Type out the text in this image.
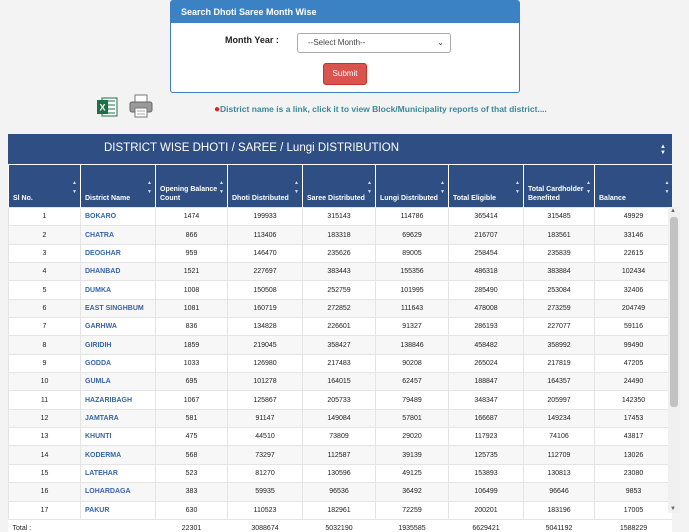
Search Dhoti Saree Month Wise
Month Year :	--Select Month--	⌄
Submit
X	●District name is a link, click it to view Block/Municipality reports of that district....
DISTRICT WISE DHOTI / SAREE / Lungi DISTRIBUTION	▲
▼
Sl No.
▲
▼	District Name
▲
▼	Opening Balance Count
▲
▼	Dhoti Distributed
▲
▼	Saree Distributed
▲
▼	Lungi Distributed
▲
▼	Total Eligible
▲
▼	Total Cardholder Benefited
▲
▼	Balance
▲
▼

1	BOKARO	1474	199933	315143	114786	365414	315485	49929
2	CHATRA	866	113406	183318	69629	216707	183561	33146
3	DEOGHAR	959	146470	235626	89005	258454	235839	22615
4	DHANBAD	1521	227697	383443	155356	486318	383884	102434
5	DUMKA	1008	150508	252759	101995	285490	253084	32406
6	EAST SINGHBUM	1081	160719	272852	111643	478008	273259	204749
7	GARHWA	836	134828	226601	91327	286193	227077	59116
8	GIRIDIH	1859	219045	358427	138846	458482	358992	99490
9	GODDA	1033	126980	217483	90208	265024	217819	47205
10	GUMLA	695	101278	164015	62457	188847	164357	24490
11	HAZARIBAGH	1067	125867	205733	79489	348347	205997	142350
12	JAMTARA	581	91147	149084	57801	166687	149234	17453
13	KHUNTI	475	44510	73809	29020	117923	74106	43817
14	KODERMA	568	73297	112587	39139	125735	112709	13026
15	LATEHAR	523	81270	130596	49125	153893	130813	23080
16	LOHARDAGA	383	59935	96536	36492	106499	96646	9853
17	PAKUR	630	110523	182961	72259	200201	183196	17005
Total :		22301	3088674	5032190	1935585	6629421	5041192	1588229
▲
▼
